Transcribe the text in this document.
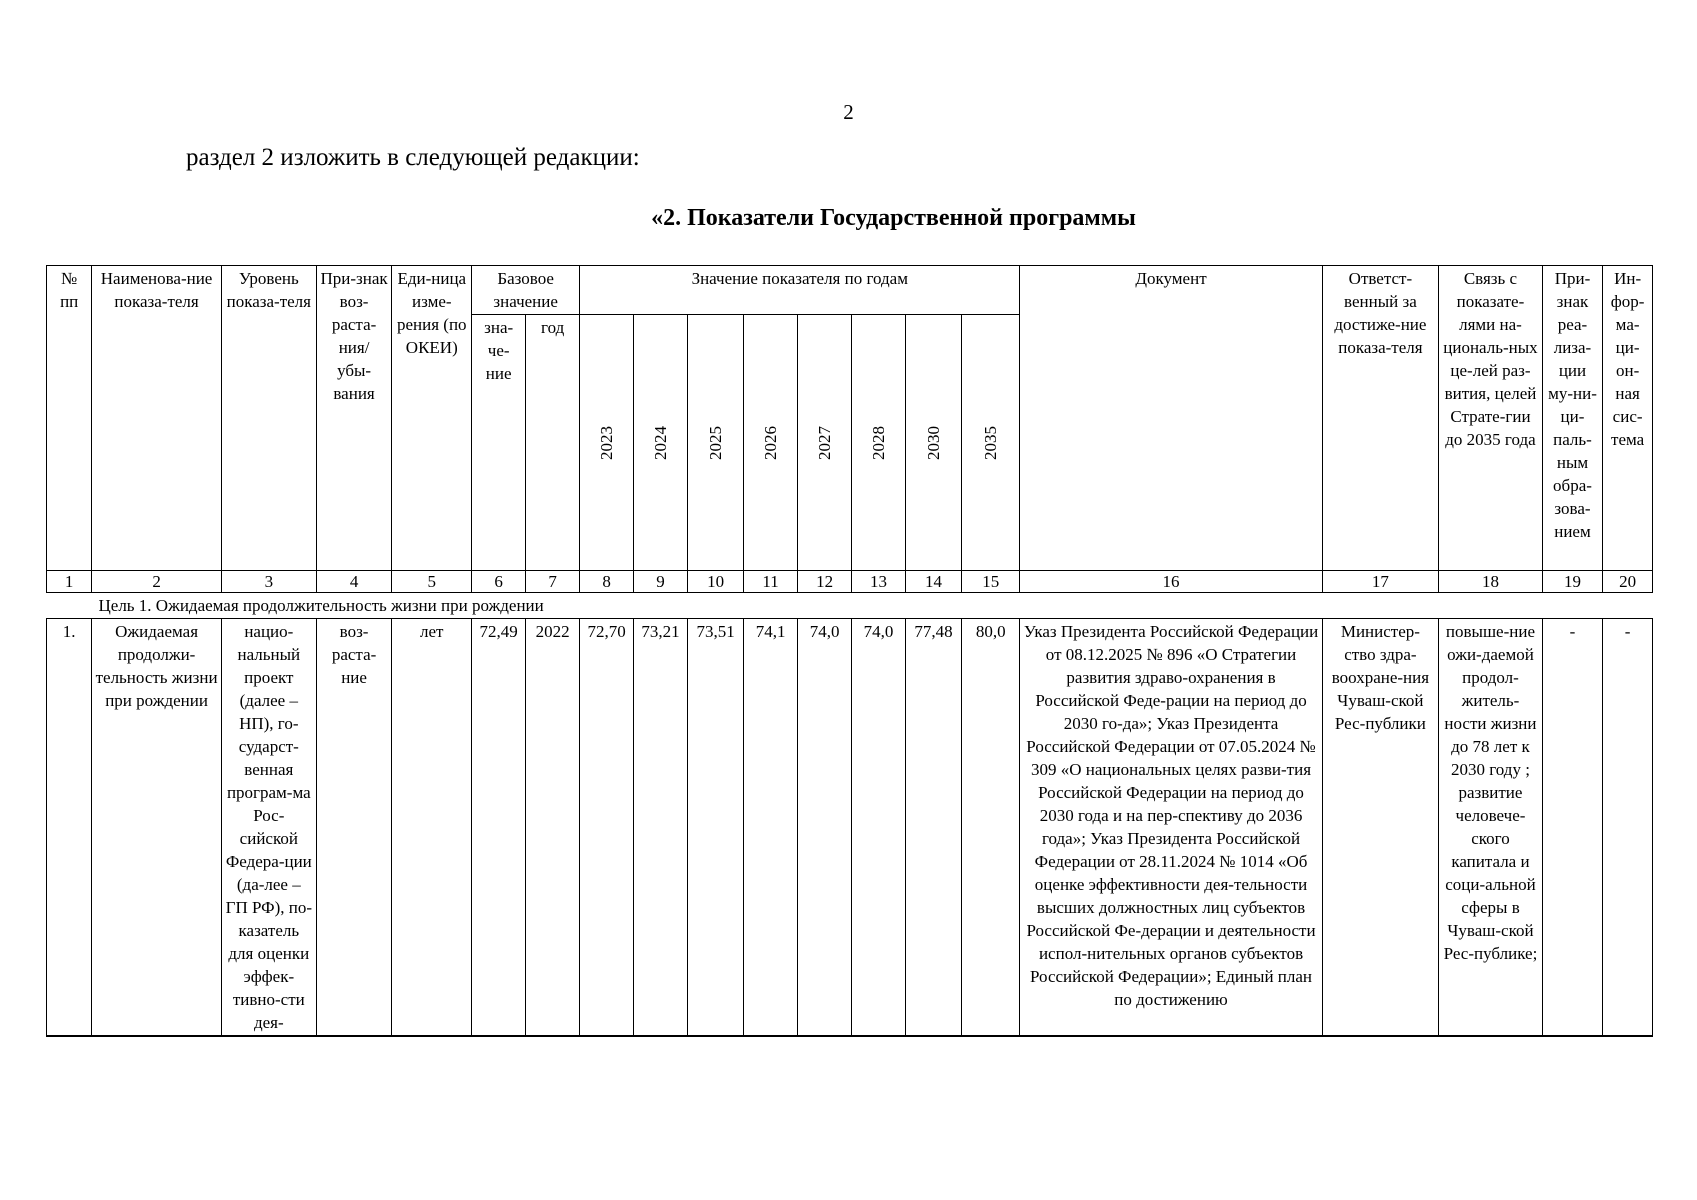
2
раздел 2 изложить в следующей редакции:
«2. Показатели Государственной программы
№ пп	Наименова-ние показа-теля	Уровень показа-теля	При-знак воз-раста-ния/ убы-вания	Еди-ница изме-рения (по ОКЕИ)	Базовое значение		Значение показателя по годам								Документ	Ответст-венный за достиже-ние показа-теля	Связь с показате-лями на-циональ-ных це-лей раз-вития, целей Страте-гии до 2035 года	При-знак реа-лиза-ции му-ни-ци-паль-ным обра-зова-нием	Ин-фор-ма-ци-он-ная сис-тема
					зна-че-ние	год	2023	2024	2025	2026	2027	2028	2030	2035					

1	2	3	4	5	6	7	8	9	10	11	12	13	14	15	16	17	18	19	20
Цель 1. Ожидаемая продолжительность жизни при рождении																			
1.	Ожидаемая продолжи-тельность жизни при рождении	нацио-нальный проект (далее – НП), го-сударст-венная програм-ма Рос-сийской Федера-ции (да-лее – ГП РФ), по-казатель для оценки эффек-тивно-сти дея-	воз-раста-ние	лет	72,49	2022	72,70	73,21	73,51	74,1	74,0	74,0	77,48	80,0	Указ Президента Российской Федерации от 08.12.2025 № 896 «О Стратегии развития здраво-охранения в Российской Феде-рации на период до 2030 го-да»; Указ Президента Российской Федерации от 07.05.2024 № 309 «О национальных целях разви-тия Российской Федерации на период до 2030 года и на пер-спективу до 2036 года»; Указ Президента Российской Федерации от 28.11.2024 № 1014 «Об оценке эффективности дея-тельности высших должностных лиц субъектов Российской Фе-дерации и деятельности испол-нительных органов субъектов Российской Федерации»; Единый план по достижению	Министер-ство здра-воохране-ния Чуваш-ской Рес-публики	повыше-ние ожи-даемой продол-житель-ности жизни до 78 лет к 2030 году ; развитие человече-ского капитала и соци-альной сферы в Чуваш-ской Рес-публике;	-	-
